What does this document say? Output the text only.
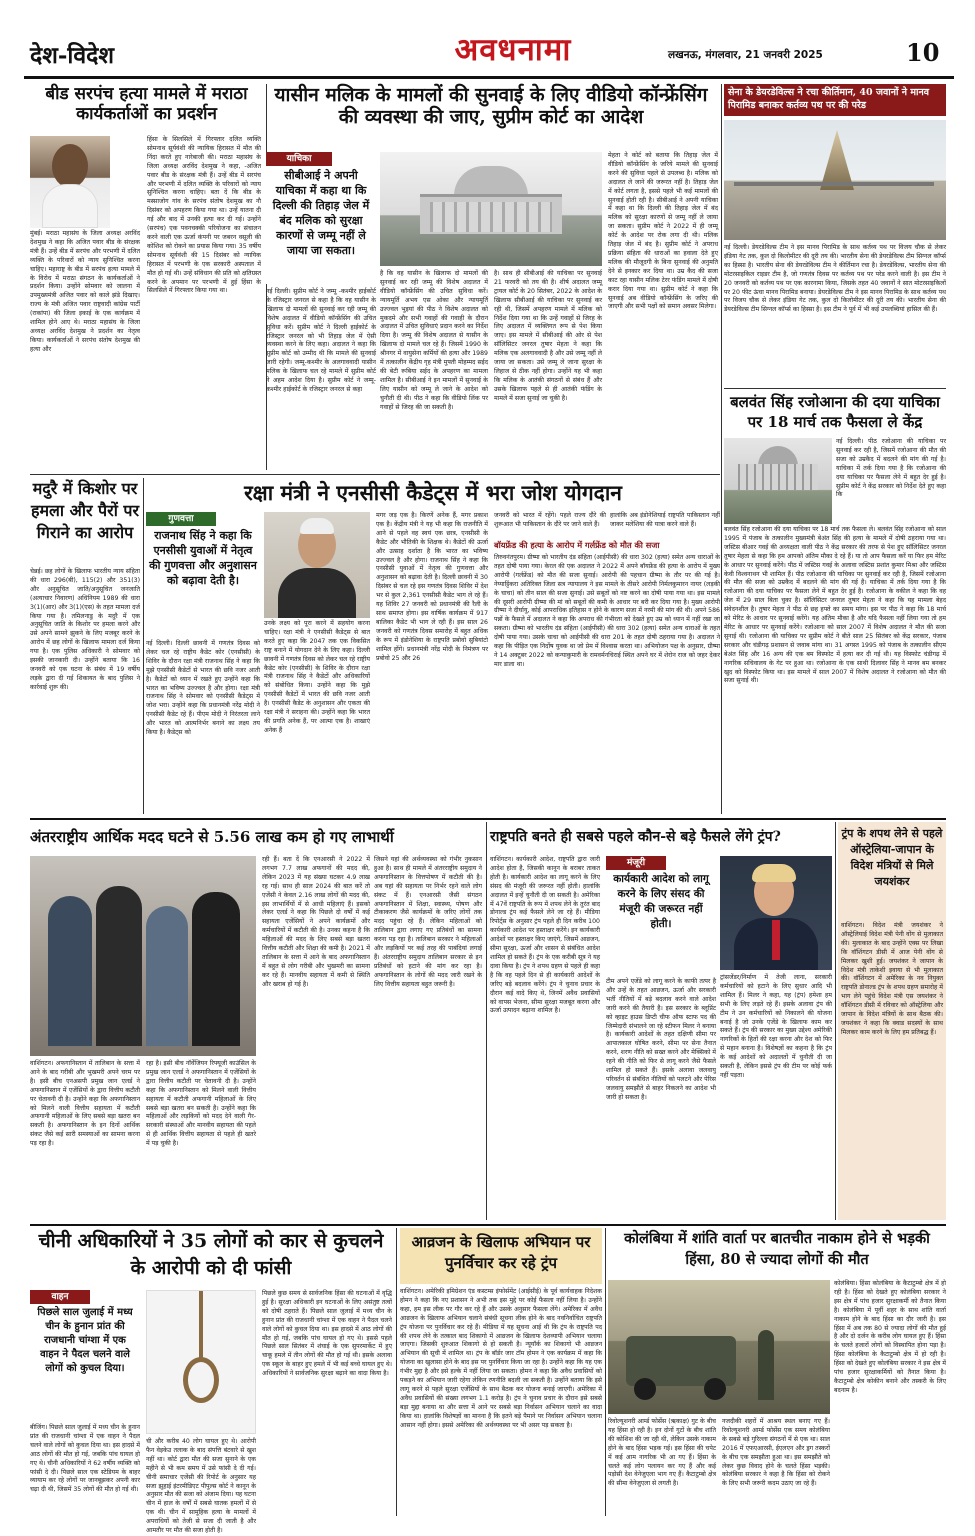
देश-विदेश	अवधनामा	लखनऊ, मंगलवार, 21 जनवरी 2025	10
बीड सरपंच हत्या मामले में मराठा कार्यकर्ताओं का प्रदर्शन
मुंबई। मराठा महासंघ के जिला अध्यक्ष अरविंद देशमुख ने कहा कि अजित पवार बीड के संरक्षक मंत्री हैं। उन्हें बीड में सरपंच और परभणी में दलित व्यक्ति के परिवारों को न्याय सुनिश्चित करना चाहिए। महाराष्ट्र के बीड में सरपंच हत्या मामले में के विरोध में मराठा संगठन के कार्यकर्ताओं ने प्रदर्शन किया। उन्होंने सोमवार को जालना में उपमुख्यमंत्री अजित पवार को काले झंडे दिखाए। राज्य के मंत्री अजित पवार राष्ट्रवादी कांग्रेस पार्टी (राकांपा) की जिला इकाई के एक कार्यक्रम में शामिल होने आए थे। मराठा महासंघ के जिला अध्यक्ष अरविंद देशमुख ने प्रदर्शन का नेतृत्व किया। कार्यकर्ताओं ने सरपंच संतोष देशमुख की हत्या और
हिंसा के सिलसिले में गिरफ्तार दलित व्यक्ति सोमनाथ सूर्यवंशी की न्यायिक हिरासत में मौत की निंदा करते हुए नारेबाजी की। मराठा महासंघ के जिला अध्यक्ष अरविंद देशमुख ने कहा, -अजित पवार बीड के संरक्षक मंत्री हैं। उन्हें बीड में सरपंच और परभणी में दलित व्यक्ति के परिवारों को न्याय सुनिश्चित करना चाहिए। बता दें कि बीड के मस्साजोग गांव के सरपंच संतोष देशमुख का नौ दिसंबर को अपहरण किया गया था। उन्हें यातना दी गई और बाद में उनकी हत्या कर दी गई। उन्होंने (सरपंच) एक पवनचक्की परियोजना का संचालन करने वाली एक ऊर्जा कंपनी पर जबरन वसूली की कोशिश को रोकने का प्रयास किया गया। 35 वर्षीय सोमनाथ सूर्यवंशी की 15 दिसंबर को न्यायिक हिरासत में परभणी के एक सरकारी अस्पताल में मौत हो गई थी। उन्हें संविधान की प्रति को क्षतिग्रस्त करने के अपमान पर परभणी में हुई हिंसा के सिलसिले में गिरफ्तार किया गया था।
यासीन मलिक के मामलों की सुनवाई के लिए वीडियो कॉन्फ्रेंसिंग की व्यवस्था की जाए, सुप्रीम कोर्ट का आदेश
याचिका
सीबीआई ने अपनी याचिका में कहा था कि दिल्ली की तिहाड़ जेल में बंद मलिक को सुरक्षा कारणों से जम्मू नहीं ले जाया जा सकता।
नई दिल्ली। सुप्रीम कोर्ट ने जम्मू -कश्मीर हाईकोर्ट के रजिस्ट्रार जनरल से कहा है कि वह यासीन के खिलाफ दो मामलों की सुनवाई कर रही जम्मू की विशेष अदालत में वीडियो कॉन्फ्रेंसिंग की उचित सुविधा करें। सुप्रीम कोर्ट ने दिल्ली हाईकोर्ट के रजिस्ट्रार जनरल को भी तिहाड़ जेल में ऐसी व्यवस्था करने के लिए कहा। अदालत ने कहा कि सुप्रीम कोर्ट को उम्मीद थी कि मामले की सुनवाई जारी रहेगी। जम्मू-कश्मीर के अलगाववादी यासीन मलिक के खिलाफ चल रहे मामले में सुप्रीम कोर्ट ने अहम आदेश दिया है। सुप्रीम कोर्ट ने जम्मू-कश्मीर हाईकोर्ट के रजिस्ट्रार जनरल से कहा
है कि वह यासीन के खिलाफ दो मामलों की सुनवाई कर रही जम्मू की विशेष अदालत में वीडियो कॉन्फ्रेंसिंग की उचित सुविधा करें। न्यायमूर्ति अभय एस ओका और न्यायमूर्ति उज्ज्वल भुइयां की पीठ ने विशेष अदालत को मुकदमे और सभी गवाहों की गवाही के दौरान अदालत में उचित सुविधाएं प्रदान करने का निर्देश दिया है। जम्मू की विशेष अदालत से यासीन के खिलाफ दो मामले चल रहे हैं। जिसमें 1990 के श्रीनगर में वायुसेना कर्मियों की हत्या और 1989 में तत्कालीन केंद्रीय गृह मंत्री मुफ्ती मोहम्मद सईद की बेटी रूबिया सईद के अपहरण का मामला शामिल है। सीबीआई ने इन मामलों में सुनवाई के लिए यासीन को जम्मू ले जाने के आदेश को चुनौती दी थी। पीठ ने कहा कि वीडियो लिंक पर गवाहों से जिरह की जा सकती है।
है। साथ ही सीबीआई की याचिका पर सुनवाई 21 फरवरी को तय की है। शीर्ष अदालत जम्मू ट्रायल कोर्ट के 20 सितंबर, 2022 के आदेश के खिलाफ सीबीआई की याचिका पर सुनवाई कर रही थी, जिसमें अपहरण मामले में मलिक को निर्देश दिया गया था कि उन्हें गवाहों से जिरह के लिए अदालत में व्यक्तिगत रूप से पेश किया जाए। इस मामले में सीबीआई की ओर से पेश सॉलिसिटर जनरल तुषार मेहता ने कहा कि मलिक एक अलगाववादी है और उसे जम्मू नहीं ले जाया जा सकता। उसे जम्मू ले जाना सुरक्षा के लिहाज से ठीक नहीं होगा। उन्होंने यह भी कहा कि मलिक के आतंकी संगठनों से संबंध हैं और उसके खिलाफ पहले से ही आतंकी फंडिंग के मामले में सजा सुनाई जा चुकी है।
मेहता ने कोर्ट को बताया कि तिहाड़ जेल में वीडियो कॉन्फ्रेंसिंग के जरिये मामले की सुनवाई करने की सुविधा पहले से उपलब्ध है। मलिक को अदालत ले जाने की जरूरत नहीं है। तिहाड़ जेल में कोर्ट लगता है, इससे पहले भी कई मामलों की सुनवाई होती रही है। सीबीआई ने अपनी याचिका में कहा था कि दिल्ली की तिहाड़ जेल में बंद मलिक को सुरक्षा कारणों से जम्मू नहीं ले जाया जा सकता। सुप्रीम कोर्ट ने 2022 में ही जम्मू कोर्ट के आदेश पर रोक लगा दी थी। मलिक तिहाड़ जेल में बंद है। सुप्रीम कोर्ट ने अपराध प्रक्रिया संहिता की धाराओं का हवाला देते हुए मलिक की मौजूदगी के बिना सुनवाई की अनुमति देने से इनकार कर दिया था। उम्र कैद की सजा काट रहा यासीन मलिक टेरर फंडिंग मामले में दोषी करार दिया गया था। सुप्रीम कोर्ट ने कहा कि सुनवाई अब वीडियो कॉन्फ्रेंसिंग के जरिए की जाएगी और सभी पक्षों को समान अवसर मिलेगा।
सेना के डेयरडेविल्स ने रचा कीर्तिमान, 40 जवानों ने मानव पिरामिड बनाकर कर्तव्य पथ पर की परेड
नई दिल्ली। डेयरडेविल्स टीम ने इस मानव पिरामिड के साथ कर्तव्य पथ पर विजय चौक से लेकर इंडिया गेट तक, कुल दो किलोमीटर की दूरी तय की। भारतीय सेना की डेयरडेविल्स टीम सिग्नल कॉर्प्स का हिस्सा है। भारतीय सेना की डेयरडेविल्स टीम ने कीर्तिमान रचा है। डेयरडेविल्स, भारतीय सेना की मोटरसाइकिल राइडर टीम है, जो गणतंत्र दिवस पर कर्तव्य पथ पर परेड करने वाली है। इस टीम ने 20 जनवरी को कर्तव्य पथ पर एक कारनामा किया, जिसके तहत 40 जवानों ने सात मोटरसाइकिलों पर 20 फीट ऊंचा मानव पिरामिड बनाया। डेयरडेविल्स टीम ने इस मानव पिरामिड के साथ कर्तव्य पथ पर विजय चौक से लेकर इंडिया गेट तक, कुल दो किलोमीटर की दूरी तय की। भारतीय सेना की डेयरडेविल्स टीम सिग्नल कॉर्प्स का हिस्सा है। इस टीम ने पूर्व में भी कई उपलब्धियां हासिल की हैं।
बलवंत सिंह रजोआना की दया याचिका पर 18 मार्च तक फैसला ले केंद्र
नई दिल्ली। पीठ रजोआना की याचिका पर सुनवाई कर रही है, जिसमें रजोआना की मौत की सजा को उम्रकैद में बदलने की मांग की गई है। याचिका में तर्क दिया गया है कि रजोआना की दया याचिका पर फैसला लेने में बहुत देर हुई है। सुप्रीम कोर्ट ने केंद्र सरकार को निर्देश देते हुए कहा कि
बलवंत सिंह रजोआना की दया याचिका पर 18 मार्च तक फैसला ले। बलवंत सिंह रजोआना को साल 1995 में पंजाब के तत्कालीन मुख्यमंत्री बेअंत सिंह की हत्या के मामले में दोषी ठहराया गया था। जस्टिस बीआर गवई की अध्यक्षता वाली पीठ ने केंद्र सरकार की तरफ से पेश हुए सॉलिसिटर जनरल तुषार मेहता से कहा कि हम आपको अंतिम मौका दे रहे हैं। या तो आप फैसला करें या फिर हम मेरिट के आधार पर सुनवाई करेंगे। पीठ में जस्टिस गवई के अलावा जस्टिस प्रशांत कुमार मिश्रा और जस्टिस केवी विश्वनाथन भी शामिल हैं। पीठ रजोआना की याचिका पर सुनवाई कर रही है, जिसमें रजोआना की मौत की सजा को उम्रकैद में बदलने की मांग की गई है। याचिका में तर्क दिया गया है कि रजोआना की दया याचिका पर फैसला लेने में बहुत देर हुई है। रजोआना के वकील ने कहा कि वह जेल में 29 साल बिता चुका है। सॉलिसिटर जनरल तुषार मेहता ने कहा कि यह मामला बेहद संवेदनशील है। तुषार मेहता ने पीठ से छह हफ्ते का समय मांगा। इस पर पीठ ने कहा कि 18 मार्च को मेरिट के आधार पर सुनवाई करेंगे। यह अंतिम मौका है और यदि फैसला नहीं लिया गया तो हम मेरिट के आधार पर सुनवाई करेंगे। रजोआना को साल 2007 में विशेष अदालत ने मौत की सजा सुनाई थी। रजोआना की याचिका पर सुप्रीम कोर्ट ने बीते साल 25 सितंबर को केंद्र सरकार, पंजाब सरकार और चंडीगढ़ प्रशासन से जवाब मांगा था। 31 अगस्त 1995 को पंजाब के तत्कालीन सीएम बेअंत सिंह और 16 अन्य की एक बम विस्फोट में हत्या कर दी गई थी। यह विस्फोट चंडीगढ़ में नागरिक सचिवालय के गेट पर हुआ था। रजोआना के एक साथी दिलावर सिंह ने मानव बम बनकर खुद को विस्फोट किया था। इस मामले में साल 2007 में विशेष अदालत ने रजोआना को मौत की सजा सुनाई थी।
मदुरै में किशोर पर हमला और पैरों पर गिराने का आरोप
चेन्नई। छह लोगों के खिलाफ भारतीय न्याय संहिता की धारा 296(बी), 115(2) और 351(3) और अनुसूचित जाति/अनुसूचित जनजाति (अत्याचार निवारण) अधिनियम 1989 की धारा 3(1)(आर) और 3(1)(एस) के तहत मामला दर्ज किया गया है। तमिलनाडु के मदुरै में एक अनुसूचित जाति के किशोर पर हमला करने और उसे अपने सामने झुकने के लिए मजबूर करने के आरोप में छह लोगों के खिलाफ मामला दर्ज किया गया है। एक पुलिस अधिकारी ने सोमवार को इसकी जानकारी दी। उन्होंने बताया कि 16 जनवरी को एक घटना के संबंध में 19 वर्षीय लड़के द्वारा दी गई शिकायत के बाद पुलिस ने कार्रवाई शुरू की।
रक्षा मंत्री ने एनसीसी कैडेट्स में भरा जोश योगदान
गुणवत्ता
राजनाथ सिंह ने कहा कि एनसीसी युवाओं में नेतृत्व की गुणवत्ता और अनुशासन को बढ़ावा देती है।
नई दिल्ली। दिल्ली छावनी में गणतंत्र दिवस को लेकर चल रहे राष्ट्रीय कैडेट कोर (एनसीसी) के शिविर के दौरान रक्षा मंत्री राजनाथ सिंह ने कहा कि मुझे एनसीसी कैडेटों से भारत की छवि नजर आती है। कैडेटों को ध्यान में रखते हुए उन्होंने कहा कि भारत का भविष्य उज्ज्वल है और होगा। रक्षा मंत्री राजनाथ सिंह ने सोमवार को एनसीसी कैडेट्स में जोश भरा। उन्होंने कहा कि प्रधानमंत्री नरेंद्र मोदी ने एनसीसी कैडेट रहे हैं। पीएम मोदी ने निरंतरता लाने और भारत को आत्मनिर्भर बनाने का लक्ष्य तय किया है। कैडेट्स को
उनके लक्ष्य को पूरा करने में सहयोग करना चाहिए। रक्षा मंत्री ने एनसीसी कैडेट्स से बात करते हुए कहा कि 2047 तक एक विकसित राष्ट्र बनाने में योगदान देने के लिए कहा। दिल्ली छावनी में गणतंत्र दिवस को लेकर चल रहे राष्ट्रीय कैडेट कोर (एनसीसी) के शिविर के दौरान रक्षा मंत्री राजनाथ सिंह ने कैडेटों और अधिकारियों को संबोधित किया। उन्होंने कहा कि मुझे एनसीसी कैडेटों में भारत की छवि नजर आती है। एनसीसी कैडेट के अनुशासन और एकता की रक्षा मंत्री ने सराहना की। उन्होंने कहा कि भारत की प्रगति अनेक हैं, पर आत्मा एक है। शाखाएं अनेक हैं
मगर जड़ एक है। किरणें अनेक हैं, मगर प्रकाश एक है। केंद्रीय मंत्री ने यह भी कहा कि राजनीति में आने से पहले वह स्वयं एक छात्र, एनसीसी के कैडेट और भौतिकी के शिक्षक थे। कैडेटों की ऊर्जा और उत्साह दर्शाता है कि भारत का भविष्य उज्ज्वल है और होगा। राजनाथ सिंह ने कहा कि एनसीसी युवाओं में नेतृत्व की गुणवत्ता और अनुशासन को बढ़ावा देती है। दिल्ली छावनी में 30 दिसंबर से चल रहे इस गणतंत्र दिवस शिविर में देश भर से कुल 2,361 एनसीसी कैडेट भाग ले रहे हैं। यह शिविर 27 जनवरी को प्रधानमंत्री की रैली के साथ समाप्त होगा। इस वार्षिक कार्यक्रम में 917 बालिका कैडेट भी भाग ले रही हैं। इस साल 26 जनवरी को गणतंत्र दिवस समारोह में बहुत अधिक के रूप में इंडोनेशिया के राष्ट्रपति प्रबोवो सुबियांटो शामिल होंगे। प्रधानमंत्री नरेंद्र मोदी के निमंत्रण पर प्रबोवो 25 और 26
जनवरी को भारत में रहेंगे। पहले राज्य दौरे की शुरूआत भी पाकिस्तान के दौरे पर जाने वाले हैं।
हालांकि अब इंडोनेशियाई राष्ट्रपति पाकिस्तान नहीं जाकर मलेशिया की यात्रा करने वाले हैं।
बॉयफ्रेंड की हत्या के आरोप में गर्लफ्रेंड को मौत की सजा
तिरुवनंतपुरम। ग्रीष्मा को भारतीय दंड संहिता (आईपीसी) की धारा 302 (हत्या) समेत अन्य धाराओं के तहत दोषी पाया गया। केरल की एक अदालत ने 2022 में अपने बॉयफ्रेंड की हत्या के आरोप में मुख्य आरोपी (गर्लफ्रेंड) को मौत की सजा सुनाई। आरोपी की पहचान ग्रीष्मा के तौर पर की गई है। नेय्याट्टिंकरा अतिरिक्त जिला सत्र न्यायालय ने इस मामले के तीसरे आरोपी निर्मलकुमारन नायर (लड़की के चाचा) को तीन साल की सजा सुनाई। उसे सबूतों को नष्ट करने का दोषी पाया गया था। इस मामले की दूसरी आरोपी ग्रीष्मा की मां को सबूतों की कमी के आधार पर बरी कर दिया गया है। मुख्य आरोपी ग्रीष्मा ने दीर्घायु, कोई आपराधिक इतिहास न होने के कारण सजा में नरमी की मांग की थी। अपने 586 पन्नों के फैसले में अदालत ने कहा कि अपराध की गंभीरता को देखते हुए उम्र को ध्यान में नहीं रखा जा सकता। ग्रीष्मा को भारतीय दंड संहिता (आईपीसी) की धारा 302 (हत्या) समेत अन्य धाराओं के तहत दोषी पाया गया। उसके चाचा को आईपीसी की धारा 201 के तहत दोषी ठहराया गया है। अदालत ने कहा कि पीड़ित एक निर्दोष युवक था जो प्रेम में विश्वास करता था। अभियोजन पक्ष के अनुसार, ग्रीष्मा ने 14 अक्टूबर 2022 को कन्याकुमारी के रामवर्मनचिराई स्थित अपने घर में शेरोन राज को जहर देकर मार डाला था।
अंतरराष्ट्रीय आर्थिक मदद घटने से 5.56 लाख कम हो गए लाभार्थी
वाशिंगटन। अफगानिस्तान में तालिबान के सत्ता में आने के बाद गरीबी और भुखमरी अपने चरम पर है। इसी बीच एनअसपी प्रमुख जान एलर्ड ने अफगानिस्तान में एजेंसियों के द्वारा वित्तीय कटौती पर चेतावनी दी है। उन्होंने कहा कि अफगानिस्तान को मिलने वाली वित्तीय सहायता में कटौती अफगानी महिलाओं के लिए सबसे बड़ा खतरा बन सकती है। अफगानिस्तान के इन दिनों आर्थिक संकट जैसे कई सारी समस्याओं का सामना करना पड़ रहा है।
रहा है। इसी बीच नॉर्वेजियन रिफ्यूजी काउंसिल के प्रमुख जान एलर्ड ने अफगानिस्तान में एजेंसियों के द्वारा वित्तीय कटौती पर चेतावनी दी है। उन्होंने कहा कि अफगानिस्तान को मिलने वाली वित्तीय सहायता में कटौती अफगानी महिलाओं के लिए सबसे बड़ा खतरा बन सकती है। उन्होंने कहा कि महिलाओं और लड़कियों को मदद देने वाली गैर-सरकारी संस्थाओं और मानवीय सहायता की पहले से ही आर्थिक वित्तीय सहायता से पहले ही खतरे में पड़ चुकी है।
रही हैं। बता दें कि एनआरसी ने 2022 में लगभग 7.7 लाख अफगानों की मदद की, लेकिन 2023 में यह संख्या घटकर 4.9 लाख रह गई। साथ ही साल 2024 की बात करें तो एजेंसी ने केवल 2.16 लाख लोगों की मदद की, इस लाभार्थियों में से आधी महिलाएं हैं। इसको लेकर एलर्ड ने कहा कि पिछले दो वर्षों में कई सहायता एजेंसियों ने अपने कार्यक्रमों और कर्मचारियों में कटौती की है। उनका कहना है कि महिलाओं की मदद के लिए सबसे बड़ा खतरा वित्तीय कटौती और शिक्षा की कमी है। 2021 में तालिबान के सत्ता में आने के बाद अफगानिस्तान में बहुत से लोग गरीबी और भुखमरी का सामना कर रहे हैं। मानवीय सहायता में कमी से स्थिति और खराब हो गई है।
जिसने यहां की अर्थव्यवस्था को गंभीर नुकसान हुआ है। साथ ही मामले में अंतरराष्ट्रीय समुदाय ने अफगानिस्तान के वित्तपोषण में कटौती की है। अब यहां की सहायता पर निर्भर रहने वाले लोग संकट में हैं। एनआरसी जैसी संगठन अफगानिस्तान में शिक्षा, स्वास्थ्य, पोषण और टीकाकरण जैसे कार्यक्रमों के जरिए लोगों तक मदद पहुंचा रहे हैं। लेकिन महिलाओं को तालिबान द्वारा लगाए गए प्रतिबंधों का सामना करना पड़ रहा है। तालिबान सरकार ने महिलाओं और लड़कियों पर कई तरह की पाबंदियां लगाई हैं। अंतरराष्ट्रीय समुदाय तालिबान सरकार से इन प्रतिबंधों को हटाने की मांग कर रहा है। अफगानिस्तान के लोगों की मदद जारी रखने के लिए वित्तीय सहायता बहुत जरूरी है।
राष्ट्रपति बनते ही सबसे पहले कौन-से बड़े फैसले लेंगे ट्रंप?
वाशिंगटन। कार्यकारी आदेश, राष्ट्रपति द्वारा जारी आदेश होता है, जिसकी कानून के बराबर ताकत होती है। कार्यकारी आदेश का लागू करने के लिए संसद की मंजूरी की जरूरत नहीं होती। हालांकि अदालत में इन्हें चुनौती दी जा सकती है। अमेरिका में 47वें राष्ट्रपति के रूप में शपथ लेने के तुरंत बाद डोनाल्ड ट्रंप कई फैसले लेने जा रहे हैं। मीडिया रिपोर्ट्स के अनुसार ट्रंप पहले ही दिन करीब 100 कार्यकारी आदेश पर हस्ताक्षर करेंगे। इन कार्यकारी आदेशों पर हस्ताक्षर किए जाएंगे, जिसमें आव्रजन, सीमा सुरक्षा, ऊर्जा और शासन से संबंधित आदेश शामिल हो सकते हैं। ट्रंप के एक करीबी सूत्र ने यह दावा किया है। ट्रंप ने शपथ ग्रहण से पहले ही कहा है कि वह पहले दिन से ही कार्यकारी आदेशों के जरिए बड़े बदलाव करेंगे। ट्रंप ने चुनाव प्रचार के दौरान कई वादे किए थे, जिनमें अवैध प्रवासियों को वापस भेजना, सीमा सुरक्षा मजबूत करना और ऊर्जा उत्पादन बढ़ाना शामिल है।
मंजूरी
कार्यकारी आदेश को लागू करने के लिए संसद की मंजूरी की जरूरत नहीं होती।
टीम अपने एजेंडे को लागू करने के काफी तत्पर है और उन्हें के तहत आव्रजन, ऊर्जा और सरकारी भर्ती नीतियों में बड़े बदलाव करने वाले आदेश जारी करने की तैयारी है। इस सरकार के ब्लूप्रिंट को व्हाइट हाउस डिप्टी चीफ ऑफ स्टाफ पद की जिम्मेदारी संभालने जा रहे स्टीफन मिलर ने बनाया है। कार्यकारी आदेशों के तहत दक्षिणी सीमा पर आपातकाल घोषित करने, सीमा पर सेना तैनात करने, शरण नीति को सख्त करने और मेक्सिको में रहने की नीति को फिर से लागू करने जैसे फैसले शामिल हो सकते हैं। इसके अलावा जलवायु परिवर्तन से संबंधित नीतियों को पलटने और पेरिस जलवायु समझौते से बाहर निकलने का आदेश भी जारी हो सकता है।
ट्रांसजेंडर/निर्माण में तेजी लाना, सरकारी कर्मचारियों को हटाने के लिए सुधार आदि भी शामिल हैं। मिलर ने कहा, यह (ट्रंप) हमेशा हम सभी के लिए लड़ते रहे हैं। इसके अलावा ट्रंप की टीम ने उन कर्मचारियों को निकालने की योजना बनाई है जो उनके एजेंडे के खिलाफ काम कर सकते हैं। ट्रंप की सरकार का मुख्य उद्देश्य अमेरिकी नागरिकों के हितों की रक्षा करना और देश को फिर से महान बनाना है। विशेषज्ञों का कहना है कि ट्रंप के कई आदेशों को अदालतों में चुनौती दी जा सकती है, लेकिन इससे ट्रंप की टीम पर कोई फर्क नहीं पड़ता।
ट्रंप के शपथ लेने से पहले ऑस्ट्रेलिया-जापान के विदेश मंत्रियों से मिले जयशंकर
वाशिंगटन। विदेश मंत्री जयशंकर ने ऑस्ट्रेलियाई विदेश मंत्री पेनी वोंग से मुलाकात की। मुलाकात के बाद उन्होंने एक्स पर लिखा कि वॉशिंगटन डीसी में आज पेनी वोंग से मिलकर खुशी हुई। जयशंकर ने जापान के विदेश मंत्री ताकेशी इवाया से भी मुलाकात की। वॉशिंगटन में अमेरिका के नव नियुक्त राष्ट्रपति डोनाल्ड ट्रंप के शपथ ग्रहण समारोह में भाग लेने पहुंचे विदेश मंत्री एस जयशंकर ने वॉशिंगटन डीसी में रविवार को ऑस्ट्रेलिया और जापान के विदेश मंत्रियों के साथ बैठक की। जयशंकर ने कहा कि क्वाड सदस्यों के साथ मिलकर काम करने के लिए हम प्रतिबद्ध हैं।
चीनी अधिकारियों ने 35 लोगों को कार से कुचलने के आरोपी को दी फांसी
वाहन
पिछले साल जुलाई में मध्य चीन के हुनान प्रांत की राजधानी चांग्शा में एक वाहन ने पैदल चलने वाले लोगों को कुचल दिया।
बीजिंग। पिछले साल जुलाई में मध्य चीन के हुनान प्रांत की राजधानी चांग्शा में एक वाहन ने पैदल चलने वाले लोगों को कुचल दिया था। इस हादसे में आठ लोगों की मौत हो गई, जबकि पांच घायल हो गए थे। चीनी अधिकारियों ने 62 वर्षीय व्यक्ति को फांसी दे दी। पिछले साल एक स्टेडियम के बाहर व्यायाम कर रहे लोगों पर जानबूझकर अपनी कार चढ़ा दी थी, जिसमें 35 लोगों की मौत हो गई थी।
ची और करीब 40 लोग घायल हुए थे। आरोपी फैन वेइकेउ तलाक के बाद संपत्ति बंटवारे से खुश नहीं था। कोर्ट द्वारा मौत की सजा सुनाने के एक महीने से भी कम समय में उसे फांसी दे दी गई। चीनी समाचार एजेंसी की रिपोर्ट के अनुसार यह सजा झुहाई इंटरमीडिएट पीपुल्स कोर्ट ने कानून के अनुसार मौत की सजा को अंजाम दिया। यह घटना चीन में हाल के वर्षों में सबसे घातक हमलों में से एक थी। चीन में सामूहिक हत्या के मामलों में अपराधियों को तेजी से सजा दी जाती है और आमतौर पर मौत की सजा होती है।
पिछले कुछ समय से सार्वजनिक हिंसा की घटनाओं में वृद्धि हुई है। सुरक्षा अधिकारी इन घटनाओं के लिए असंतुष्ट तत्वों को दोषी ठहराते हैं। पिछले साल जुलाई में मध्य चीन के हुनान प्रांत की राजधानी चांग्शा में एक वाहन ने पैदल चलने वाले लोगों को कुचल दिया था। इस हादसे में आठ लोगों की मौत हो गई, जबकि पांच घायल हो गए थे। इससे पहले पिछले साल सितंबर में शंघाई के एक सुपरमार्केट में हुए चाकू हमले में तीन लोगों की मौत हो गई थी। इसके अलावा एक स्कूल के बाहर हुए हमले में भी कई बच्चे घायल हुए थे। अधिकारियों ने सार्वजनिक सुरक्षा बढ़ाने का वादा किया है।
आव्रजन के खिलाफ अभियान पर पुनर्विचार कर रहे ट्रंप
वाशिंगटन। अमेरिकी इमिग्रेशन एंड कस्टम्स इंफोर्समेंट (आईसीई) के पूर्व कार्यवाहक निदेशक होमन ने कहा कि नए प्रशासन ने अभी तक इस मुद्दे पर कोई फैसला नहीं लिया है। उन्होंने कहा, हम इस लीक पर गौर कर रहे हैं और उसके अनुसार फैसला लेंगे। अमेरिका में अवैध आव्रजन के खिलाफ अभियान चलाने संबंधी सूचना लीक होने के बाद नवनिर्वाचित राष्ट्रपति ट्रंप योजना पर पुनर्विचार कर रहे हैं। मीडिया में यह सूचना आई थी कि ट्रंप के राष्ट्रपति पद की शपथ लेने के तत्काल बाद शिकागो में आव्रजन के खिलाफ देशव्यापी अभियान चलाया जाएगा। जिसकी शुरुआत शिकागो से हो सकती है। न्यूयॉर्क का शिकागो भी आव्रजन अभियान की सूची में शामिल था। ट्रंप के बॉर्डर जार टॉम होमन ने एक कार्यक्रम में कहा कि योजना का खुलासा होने के बाद इस पर पुनर्विचार किया जा रहा है। उन्होंने कहा कि यह एक गंभीर मुद्दा है और इसे हल्के में नहीं लिया जा सकता। होमन ने कहा कि अवैध प्रवासियों को पकड़ने का अभियान जारी रहेगा लेकिन रणनीति बदली जा सकती है। उन्होंने बताया कि इसे लागू करने से पहले सुरक्षा एजेंसियों के साथ बैठक कर योजना बनाई जाएगी। अमेरिका में अवैध प्रवासियों की संख्या लगभग 1.1 करोड़ है। ट्रंप ने चुनाव प्रचार के दौरान इसे सबसे बड़ा मुद्दा बनाया था और सत्ता में आने पर सबसे बड़ा निर्वासन अभियान चलाने का वादा किया था। हालांकि विशेषज्ञों का मानना है कि इतने बड़े पैमाने पर निर्वासन अभियान चलाना आसान नहीं होगा। इससे अमेरिका की अर्थव्यवस्था पर भी असर पड़ सकता है।
कोलंबिया में शांति वार्ता पर बातचीत नाकाम होने से भड़की हिंसा, 80 से ज्यादा लोगों की मौत
कोलंबिया। हिंसा कोलंबिया के कैटाटुम्बो क्षेत्र में हो रही है। हिंसा को देखते हुए कोलंबिया सरकार ने इस क्षेत्र में पांच हजार सुरक्षाकर्मी को तैनात किया है। कोलंबिया में पूर्वी शहर के साथ शांति वार्ता नाकाम होने के बाद हिंसा का दौर जारी है। इस हिंसा में अब तक 80 से ज्यादा लोगों की मौत हुई है और दो दर्जन के करीब लोग घायल हुए हैं। हिंसा के चलते हजारों लोगों को विस्थापित होना पड़ा है। हिंसा कोलंबिया के कैटाटुम्बो क्षेत्र में हो रही है। हिंसा को देखते हुए कोलंबिया सरकार ने इस क्षेत्र में पांच हजार सुरक्षाकर्मियों को तैनात किया है। कैटाटुम्बो क्षेत्र कोकीन बनाने और तस्करी के लिए बदनाम है।
रिवोल्यूशनरी आर्म्ड फोर्सेस (ऋकाक्ष) गुट के बीच यह हिंसा हो रही है। इन दोनों गुटों के बीच शांति की कोशिश की जा रही थी, लेकिन उसके नाकाम होने के बाद हिंसा भड़क गई। इस हिंसा की चपेट में कई आम नागरिक भी आ गए हैं। हिंसा के चलते कई लोग पलायन कर गए हैं और कई पड़ोसी देश वेनेजुएला भाग गए हैं। कैटाटुम्बो क्षेत्र की सीमा वेनेजुएला से लगती है।
नजदीकी शहरों में आश्रय स्थल बनाए गए हैं। रिवोल्यूशनरी आर्म्ड फोर्सेस एक समय कोलंबिया के सबसे बड़े गुरिल्ला संगठनों में से एक था। साल 2016 में एफएआरसी, ईएलएन और ड्रग तस्करों के बीच एक समझौता हुआ था। इस समझौते को लेकर कुछ विवाद होने के चलते हिंसा भड़की। कोलंबिया सरकार ने कहा है कि हिंसा को रोकने के लिए सभी जरूरी कदम उठाए जा रहे हैं।
